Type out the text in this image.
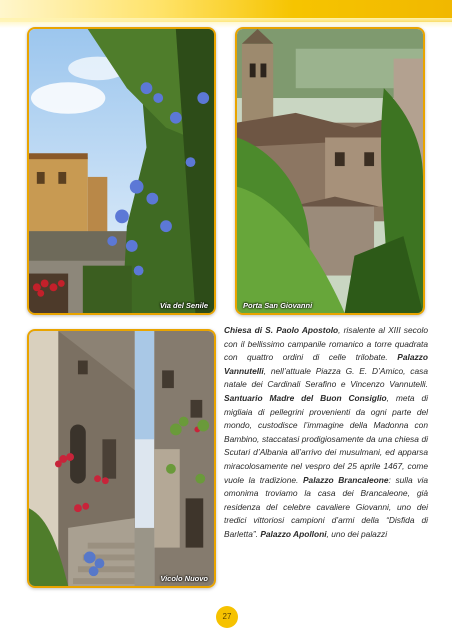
Via del Senile	Porta San Giovanni
Vicolo Nuovo
Chiesa di S. Paolo Apostolo, risalente al XIII secolo con il bellissimo campanile romanico a torre quadrata con quattro ordini di celle trilobate. Palazzo Vannutelli, nell’attuale Piazza G. E. D’Amico, casa natale dei Cardinali Serafino e Vincenzo Vannutelli. Santuario Madre del Buon Consiglio, meta di migliaia di pellegrini provenienti da ogni parte del mondo, custodisce l’immagine della Madonna con Bambino, staccatasi prodigiosamente da una chiesa di Scutari d’Albania all’arrivo dei musulmani, ed apparsa miracolosamente nel vespro del 25 aprile 1467, come vuole la tradizione. Palazzo Brancaleone: sulla via omonima troviamo la casa dei Brancaleone, già residenza del celebre cavaliere Giovanni, uno dei tredici vittoriosi campioni d’armi della “Disfida di Barletta”. Palazzo Apolloni, uno dei palazzi
27
